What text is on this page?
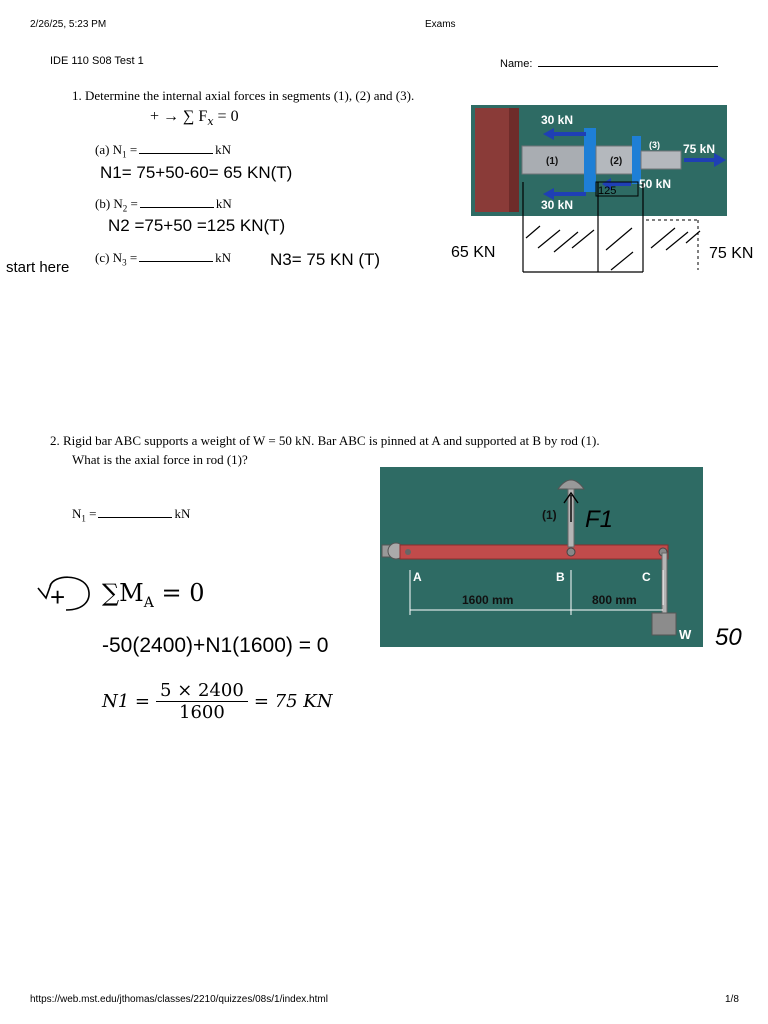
2/26/25, 5:23 PM	Exams
IDE 110 S08 Test 1	Name:
1. Determine the internal axial forces in segments (1), (2) and (3).
+ → ∑ $F_x = 0$
(a) $N_1$ =	kN
N1= 75+50-60= 65 KN(T)
(b) $N_2$ =	kN
N2 =75+50 =125 KN(T)
(c) $N_3$ =	kN N3= 75 KN (T)
start here
30 kN
30 kN
75 kN
50 kN
(1)	(2)
(3)
125
65 KN	75 KN
2. Rigid bar ABC supports a weight of W = 50 kN. Bar ABC is pinned at A and supported at B by rod (1).
What is the axial force in rod (1)?
$N_1$ =	kN
+ $\sum M_A = 0$
-50(2400)+N1(1600) = 0
$N1 = \frac{5 \times 2400}{1600} = 75$ KN
A	B	C
(1)
W
1600 mm	800 mm
F1
50
https://web.mst.edu/jthomas/classes/2210/quizzes/08s/1/index.html	1/8
